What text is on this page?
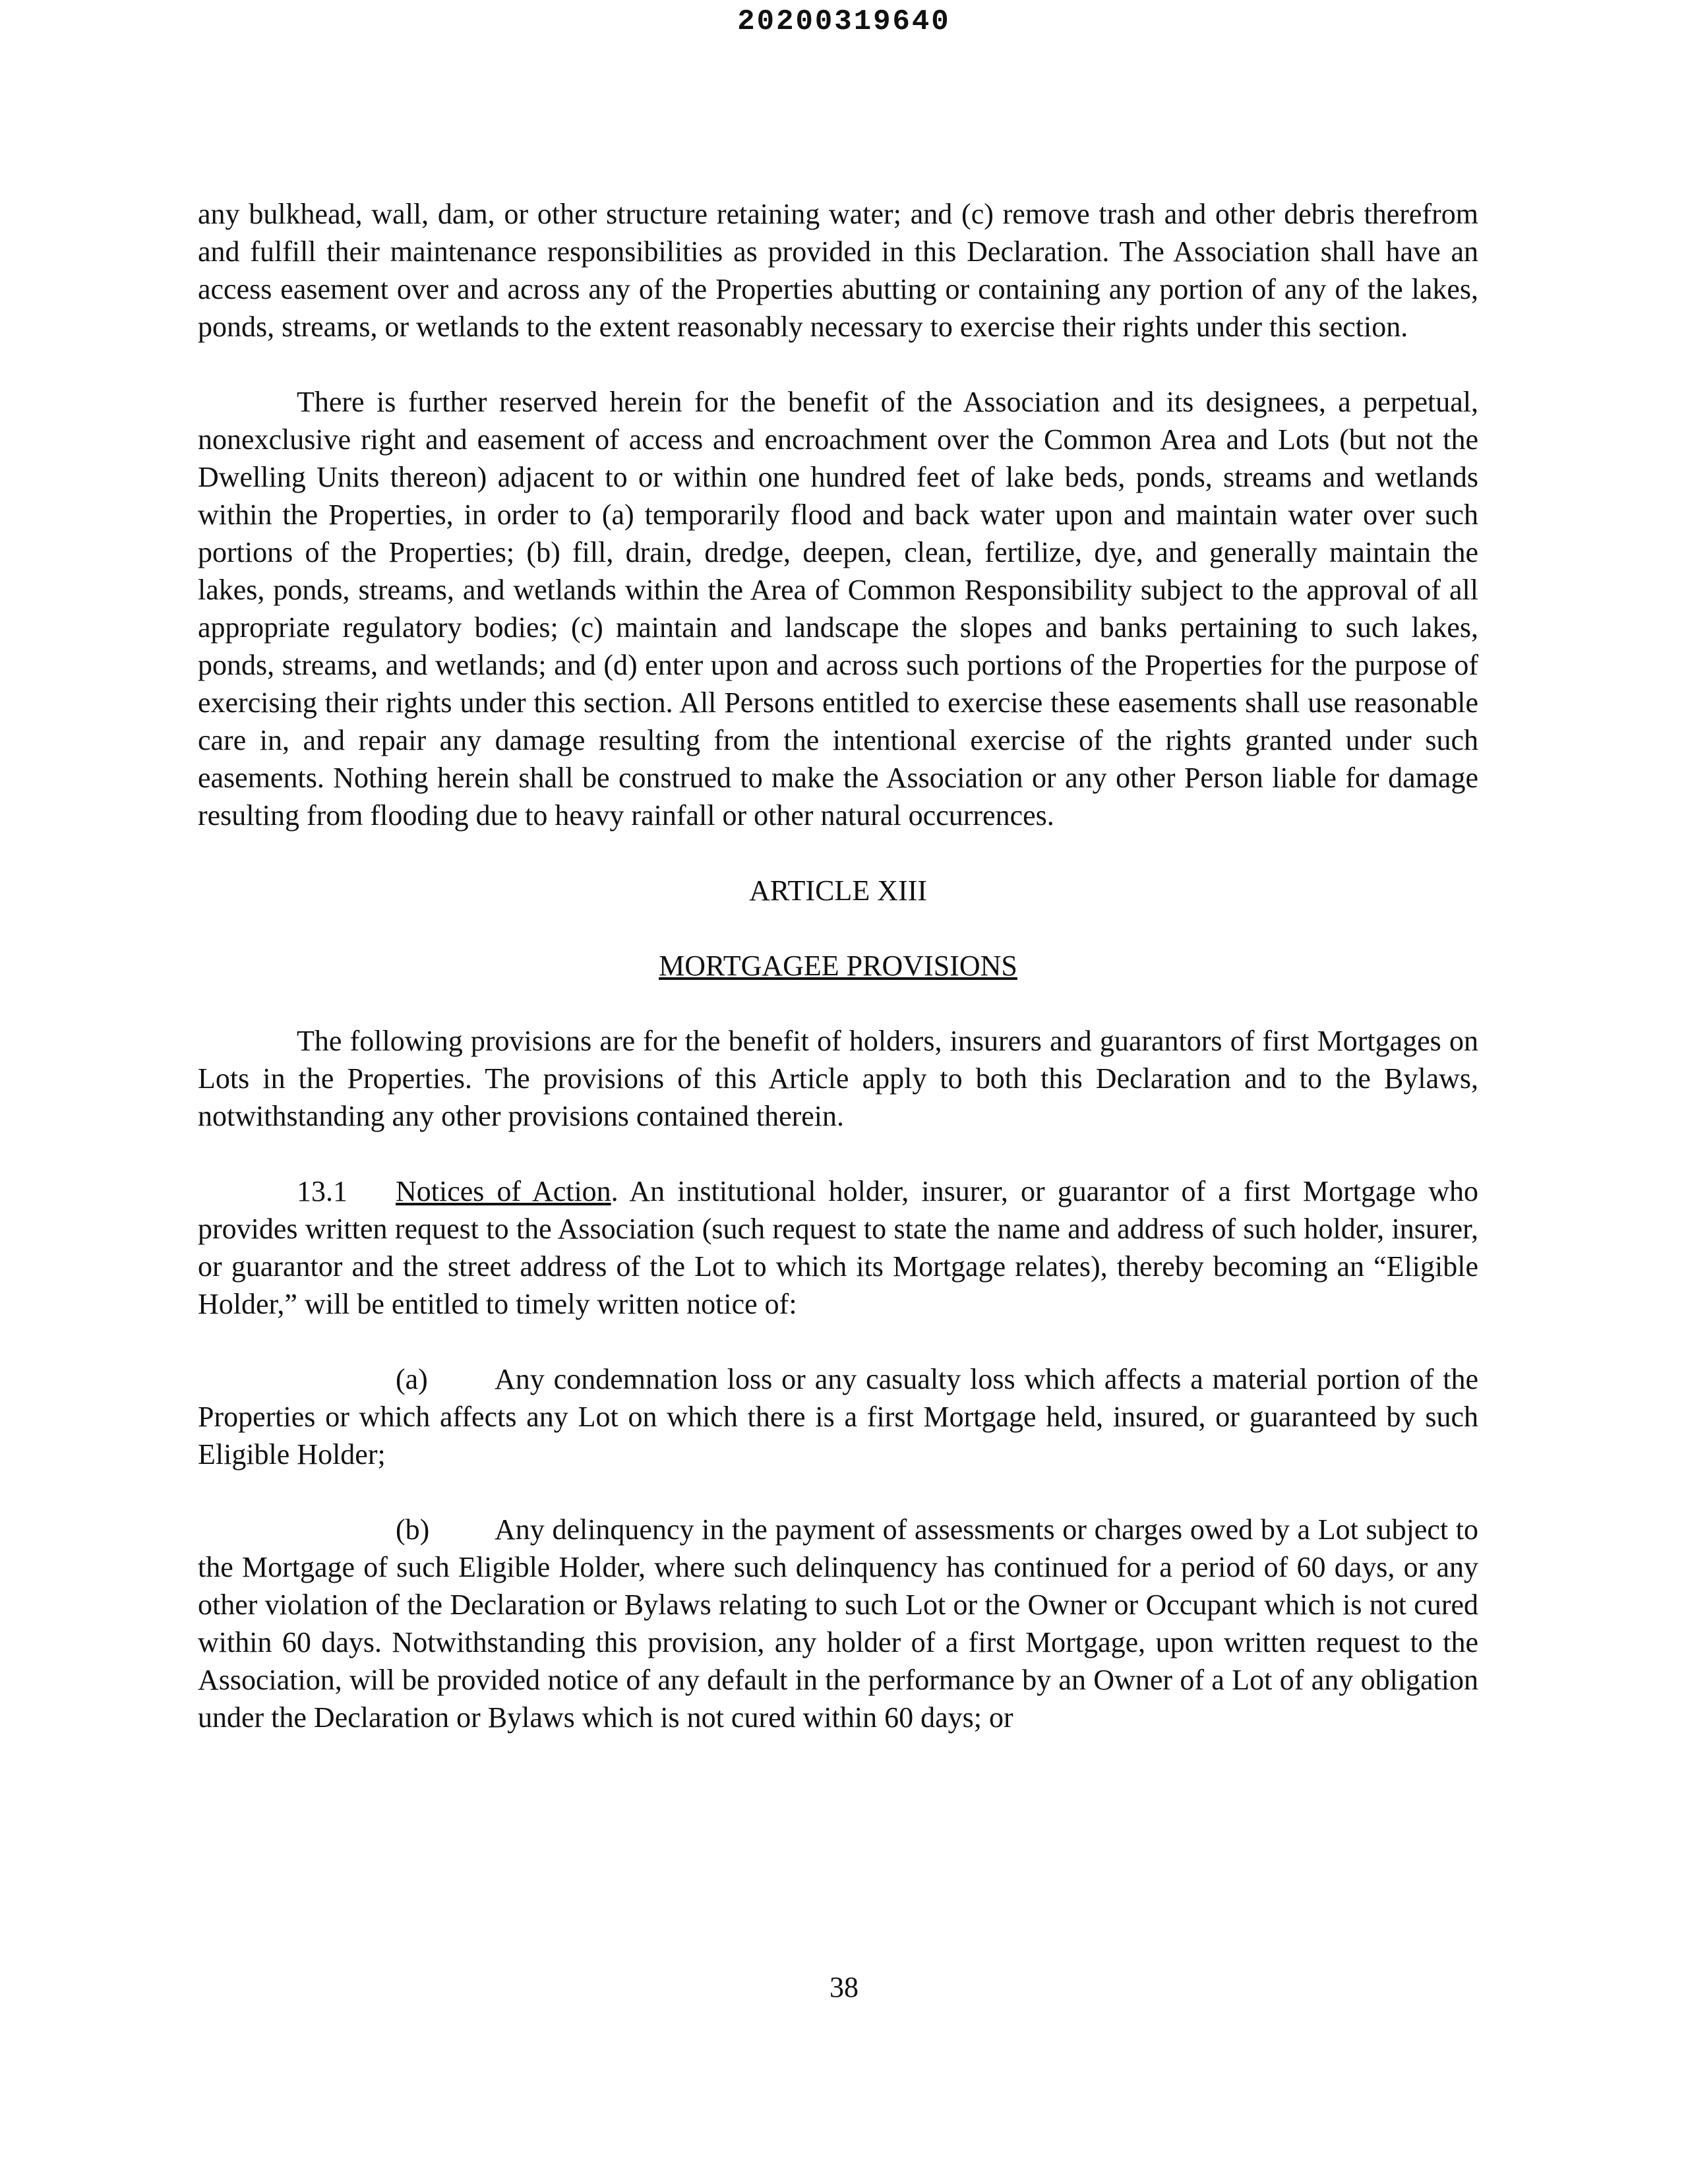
20200319640

any bulkhead, wall, dam, or other structure retaining water; and (c) remove trash and other debris therefrom and fulfill their maintenance responsibilities as provided in this Declaration. The Association shall have an access easement over and across any of the Properties abutting or containing any portion of any of the lakes, ponds, streams, or wetlands to the extent reasonably necessary to exercise their rights under this section.

There is further reserved herein for the benefit of the Association and its designees, a perpetual, nonexclusive right and easement of access and encroachment over the Common Area and Lots (but not the Dwelling Units thereon) adjacent to or within one hundred feet of lake beds, ponds, streams and wetlands within the Properties, in order to (a) temporarily flood and back water upon and maintain water over such portions of the Properties; (b) fill, drain, dredge, deepen, clean, fertilize, dye, and generally maintain the lakes, ponds, streams, and wetlands within the Area of Common Responsibility subject to the approval of all appropriate regulatory bodies; (c) maintain and landscape the slopes and banks pertaining to such lakes, ponds, streams, and wetlands; and (d) enter upon and across such portions of the Properties for the purpose of exercising their rights under this section. All Persons entitled to exercise these easements shall use reasonable care in, and repair any damage resulting from the intentional exercise of the rights granted under such easements. Nothing herein shall be construed to make the Association or any other Person liable for damage resulting from flooding due to heavy rainfall or other natural occurrences.

ARTICLE XIII

MORTGAGEE PROVISIONS

The following provisions are for the benefit of holders, insurers and guarantors of first Mortgages on Lots in the Properties. The provisions of this Article apply to both this Declaration and to the Bylaws, notwithstanding any other provisions contained therein.

13.1 Notices of Action. An institutional holder, insurer, or guarantor of a first Mortgage who provides written request to the Association (such request to state the name and address of such holder, insurer, or guarantor and the street address of the Lot to which its Mortgage relates), thereby becoming an “Eligible Holder,” will be entitled to timely written notice of:

(a) Any condemnation loss or any casualty loss which affects a material portion of the Properties or which affects any Lot on which there is a first Mortgage held, insured, or guaranteed by such Eligible Holder;

(b) Any delinquency in the payment of assessments or charges owed by a Lot subject to the Mortgage of such Eligible Holder, where such delinquency has continued for a period of 60 days, or any other violation of the Declaration or Bylaws relating to such Lot or the Owner or Occupant which is not cured within 60 days. Notwithstanding this provision, any holder of a first Mortgage, upon written request to the Association, will be provided notice of any default in the performance by an Owner of a Lot of any obligation under the Declaration or Bylaws which is not cured within 60 days; or

38
